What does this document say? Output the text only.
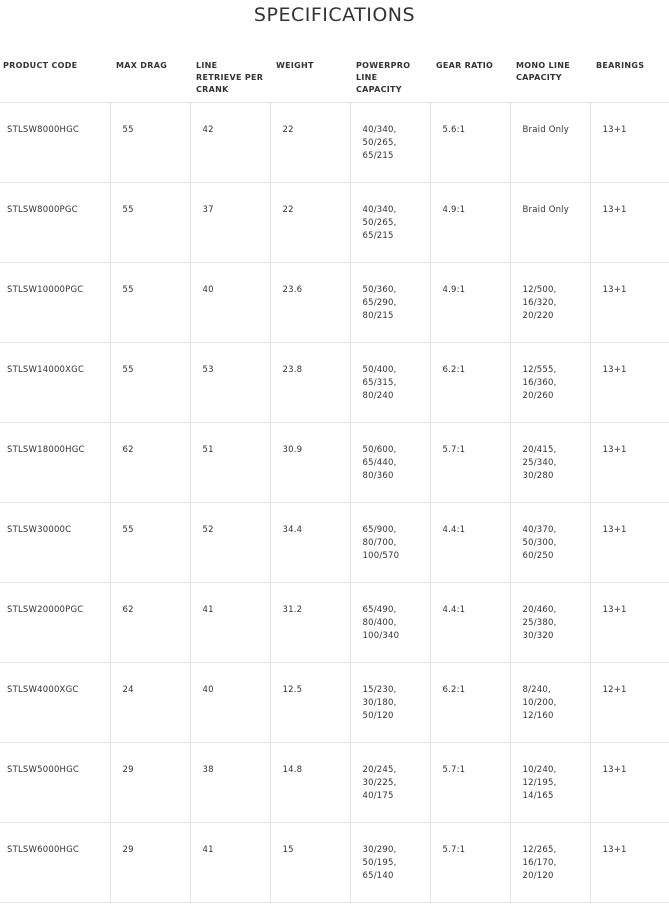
SPECIFICATIONS
PRODUCT CODE	MAX DRAG	LINE RETRIEVE PER CRANK	WEIGHT	POWERPRO LINE CAPACITY	GEAR RATIO	MONO LINE CAPACITY	BEARINGS
STLSW8000HGC	55	42	22	40/340,
50/265,
65/215	5.6:1	Braid Only	13+1
STLSW8000PGC	55	37	22	40/340,
50/265,
65/215	4.9:1	Braid Only	13+1
STLSW10000PGC	55	40	23.6	50/360,
65/290,
80/215	4.9:1	12/500,
16/320,
20/220	13+1
STLSW14000XGC	55	53	23.8	50/400,
65/315,
80/240	6.2:1	12/555,
16/360,
20/260	13+1
STLSW18000HGC	62	51	30.9	50/600,
65/440,
80/360	5.7:1	20/415,
25/340,
30/280	13+1
STLSW30000C	55	52	34.4	65/900,
80/700,
100/570	4.4:1	40/370,
50/300,
60/250	13+1
STLSW20000PGC	62	41	31.2	65/490,
80/400,
100/340	4.4:1	20/460,
25/380,
30/320	13+1
STLSW4000XGC	24	40	12.5	15/230,
30/180,
50/120	6.2:1	8/240,
10/200,
12/160	12+1
STLSW5000HGC	29	38	14.8	20/245,
30/225,
40/175	5.7:1	10/240,
12/195,
14/165	13+1
STLSW6000HGC	29	41	15	30/290,
50/195,
65/140	5.7:1	12/265,
16/170,
20/120	13+1
